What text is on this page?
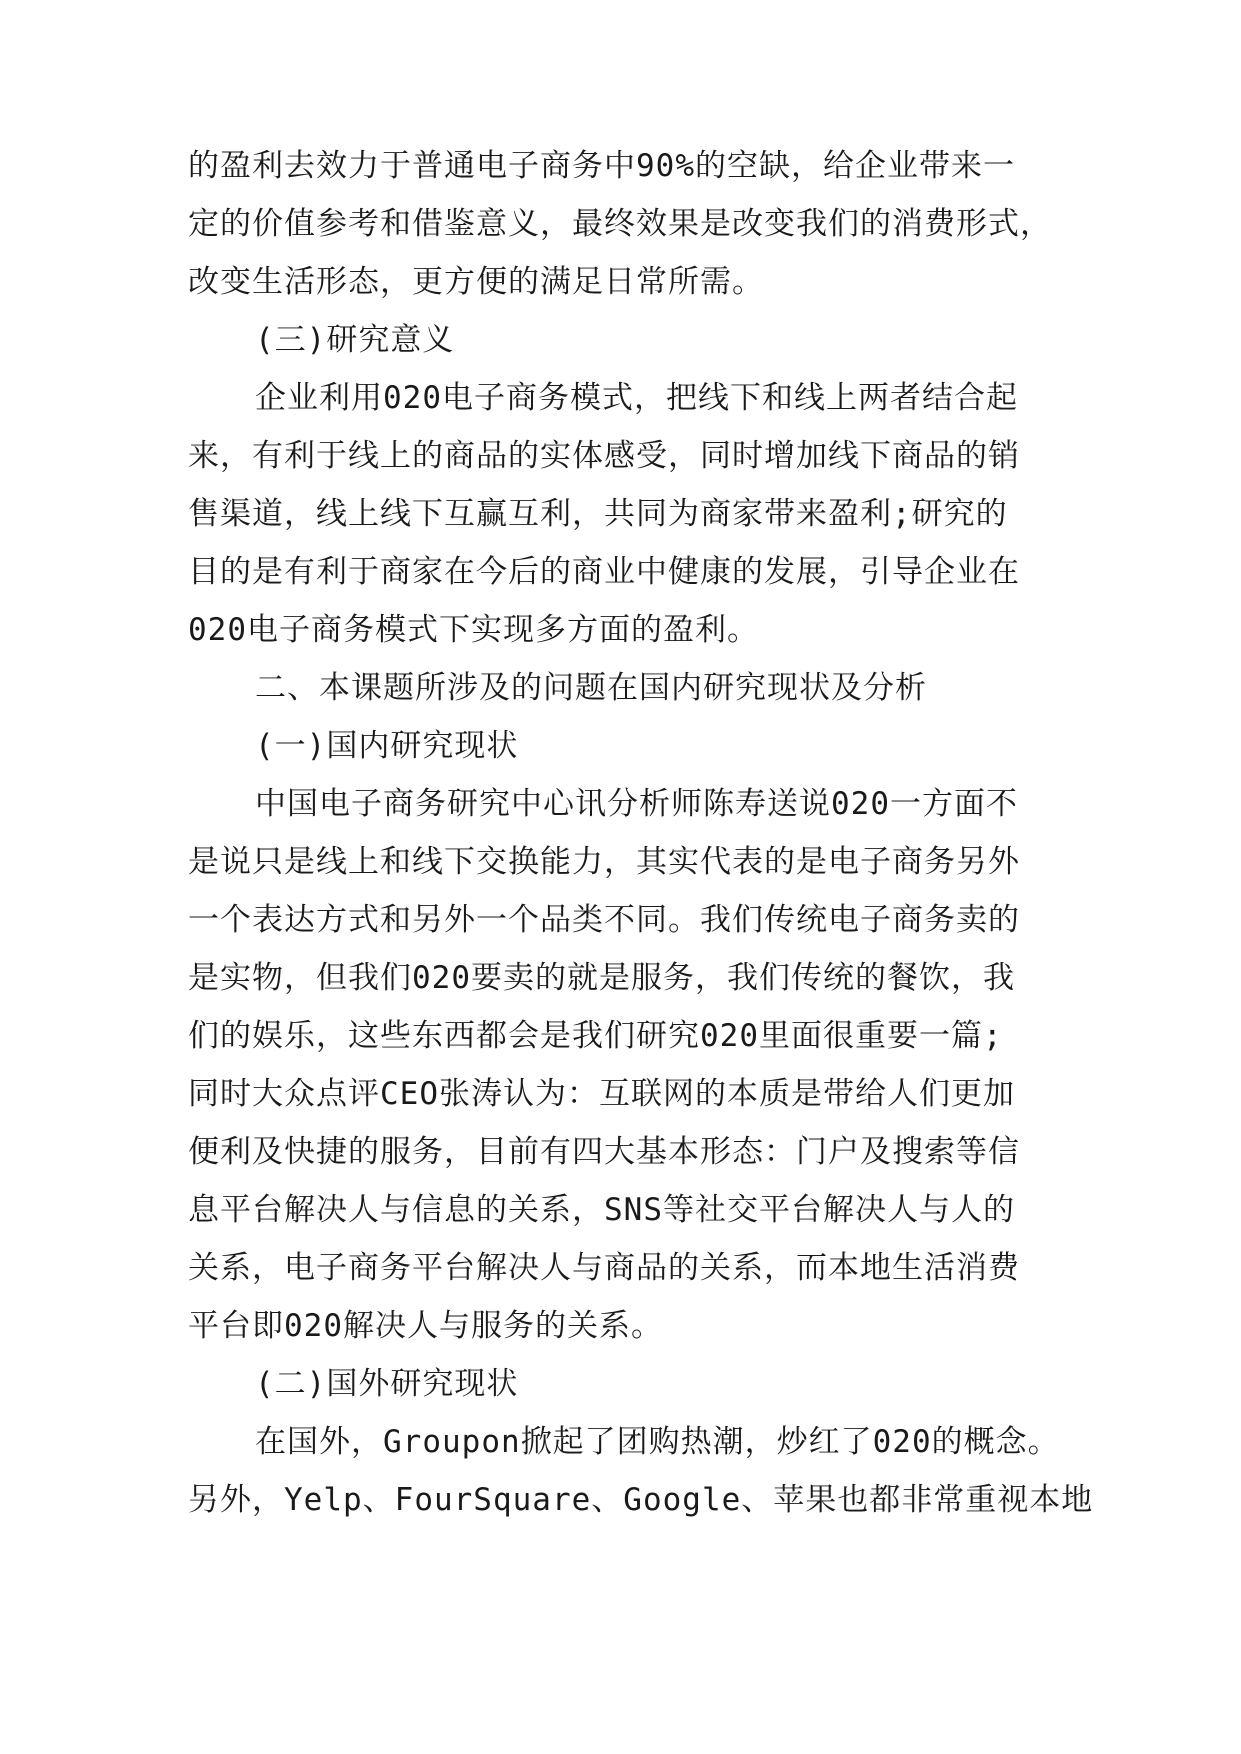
的盈利去效力于普通电子商务中90%的空缺，给企业带来一

定的价值参考和借鉴意义，最终效果是改变我们的消费形式，

改变生活形态，更方便的满足日常所需。

(三)研究意义

企业利用020电子商务模式，把线下和线上两者结合起

来，有利于线上的商品的实体感受，同时增加线下商品的销

售渠道，线上线下互赢互利，共同为商家带来盈利;研究的

目的是有利于商家在今后的商业中健康的发展，引导企业在

020电子商务模式下实现多方面的盈利。

二、本课题所涉及的问题在国内研究现状及分析

(一)国内研究现状

中国电子商务研究中心讯分析师陈寿送说020一方面不

是说只是线上和线下交换能力，其实代表的是电子商务另外

一个表达方式和另外一个品类不同。我们传统电子商务卖的

是实物，但我们020要卖的就是服务，我们传统的餐饮，我

们的娱乐，这些东西都会是我们研究020里面很重要一篇;

同时大众点评CEO张涛认为：互联网的本质是带给人们更加

便利及快捷的服务，目前有四大基本形态：门户及搜索等信

息平台解决人与信息的关系，SNS等社交平台解决人与人的

关系，电子商务平台解决人与商品的关系，而本地生活消费

平台即020解决人与服务的关系。

(二)国外研究现状

在国外，Groupon掀起了团购热潮，炒红了020的概念。

另外，Yelp、FourSquare、Google、苹果也都非常重视本地
